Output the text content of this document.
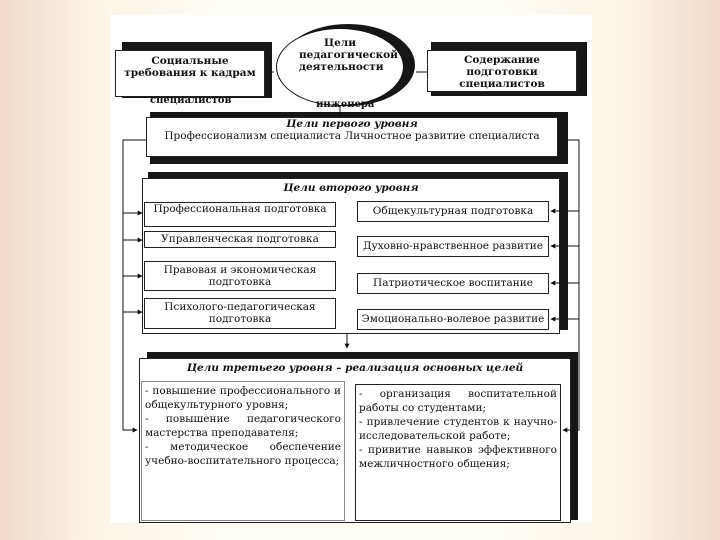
Социальные требования к кадрам
специалистов
Цели педагогической деятельности
инженера
Содержание подготовки специалистов
Цели первого уровня
Профессионализм специалиста Личностное развитие специалиста
Цели второго уровня
Профессиональная подготовка
Управленческая подготовка
Правовая и экономическая подготовка
Психолого-педагогическая подготовка
Общекультурная подготовка
Духовно-нравственное развитие
Патриотическое воспитание
Эмоционально-волевое развитие
Цели третьего уровня – реализация основных целей
- повышение профессионального и общекультурного уровня;
- повышение педагогического мастерства преподавателя;
- методическое обеспечение учебно-воспитательного процесса;
- организация воспитательной работы со студентами;
- привлечение студентов к научно-исследовательской работе;
- привитие навыков эффективного межличностного общения;
